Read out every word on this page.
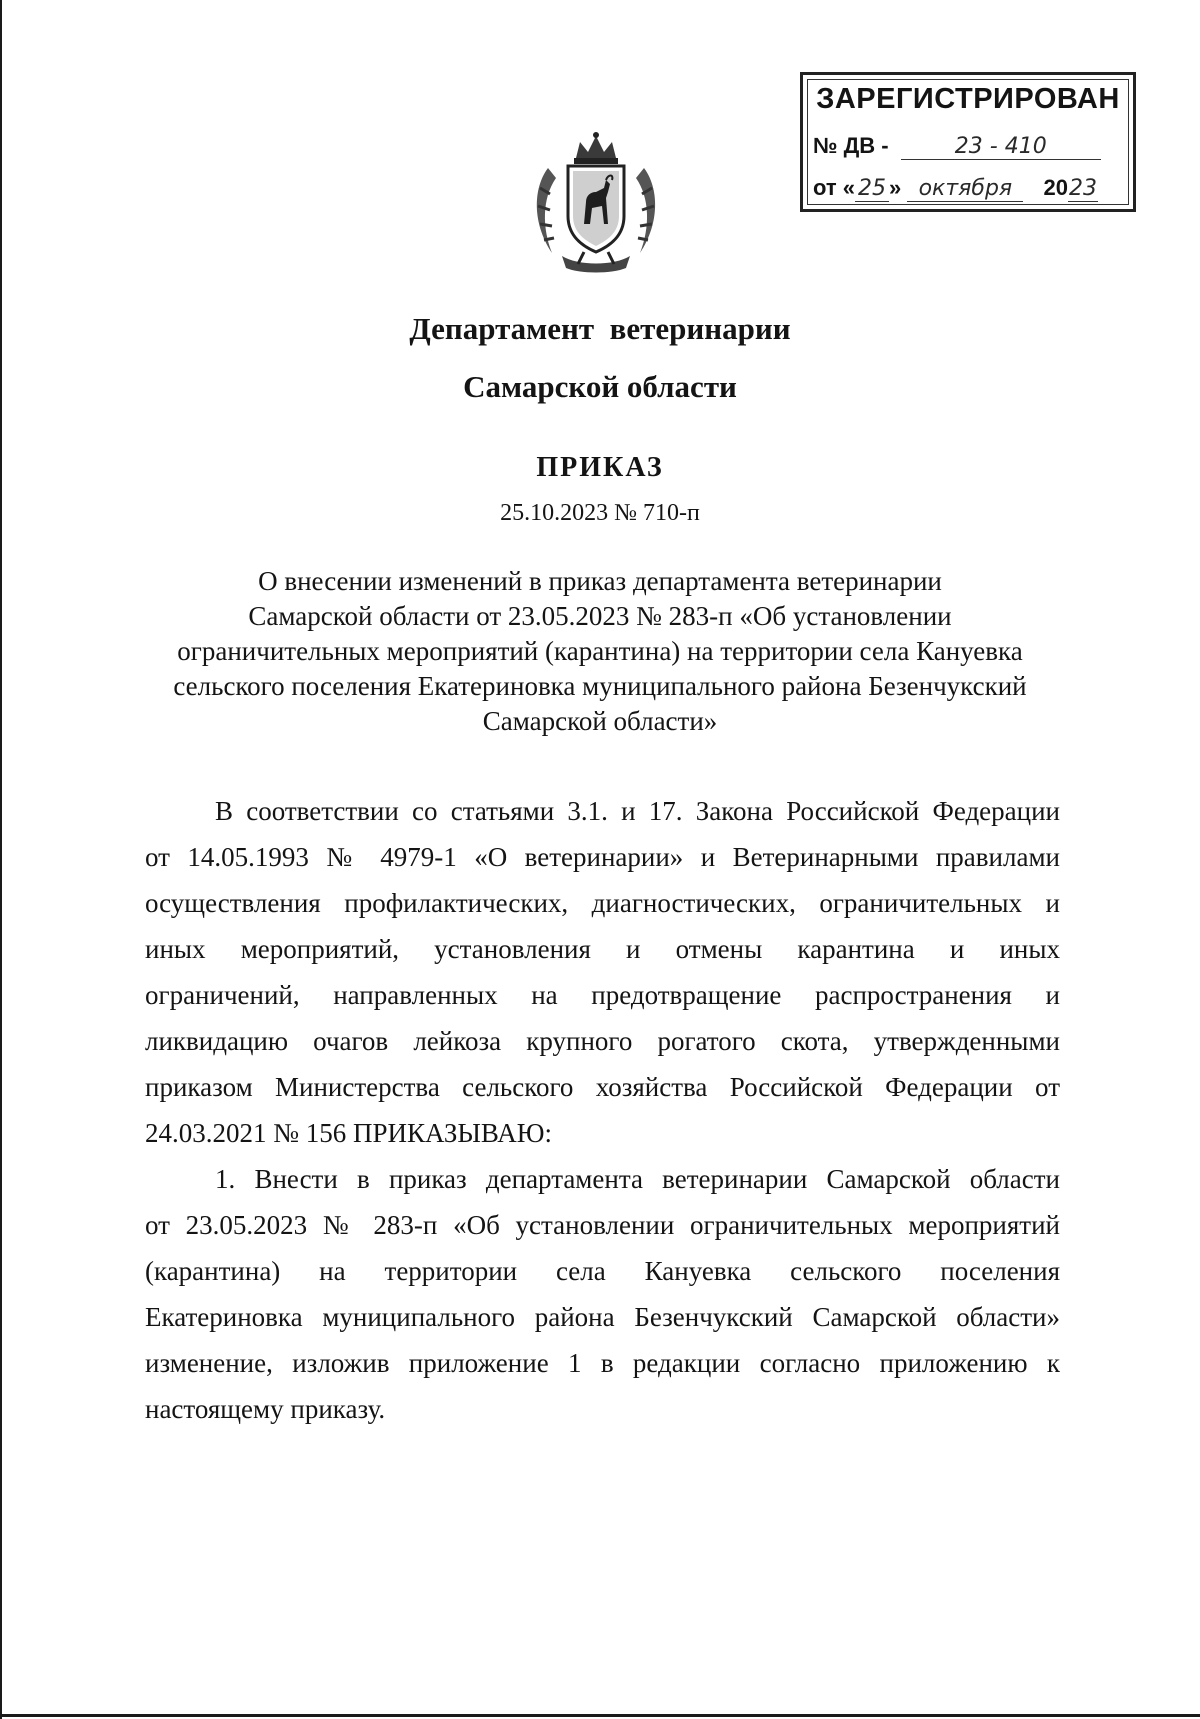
ЗАРЕГИСТРИРОВАН
№ ДВ -	23 - 410
от « 25 » октября 2023
Департамент  ветеринарии
Самарской области
ПРИКАЗ
25.10.2023 № 710-п
О внесении изменений в приказ департамента ветеринарии
Самарской области от 23.05.2023 № 283-п «Об установлении
ограничительных мероприятий (карантина) на территории села Кануевка
сельского поселения Екатериновка муниципального района Безенчукский
Самарской области»
В соответствии со статьями 3.1. и 17. Закона Российской Федерации
от 14.05.1993 № 4979-1 «О ветеринарии» и Ветеринарными правилами
осуществления профилактических, диагностических, ограничительных и
иных мероприятий, установления и отмены карантина и иных
ограничений, направленных на предотвращение распространения и
ликвидацию очагов лейкоза крупного рогатого скота, утвержденными
приказом Министерства сельского хозяйства Российской Федерации от
24.03.2021 № 156 ПРИКАЗЫВАЮ:
1. Внести в приказ департамента ветеринарии Самарской области
от 23.05.2023 № 283-п «Об установлении ограничительных мероприятий
(карантина) на территории села Кануевка сельского поселения
Екатериновка муниципального района Безенчукский Самарской области»
изменение, изложив приложение 1 в редакции согласно приложению к
настоящему приказу.
